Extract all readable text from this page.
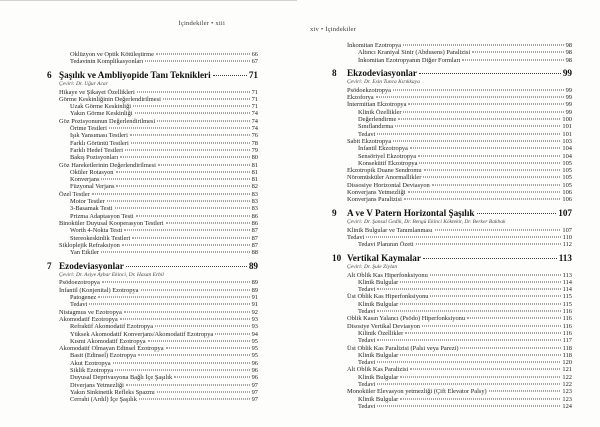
İçindekiler • xiii
Oklüzyon ve Optik Kötüleştirme	66
Tedavinin Komplikasyonları	67
6 Şaşılık ve Ambliyopide Tanı Teknikleri	71
Çeviri: Dr. Uğur Acar
Hikaye ve Şikayet Özellikleri	71
Görme Keskinliğinin Değerlendirilmesi	71
Uzak Görme Keskinliği	71
Yakın Görme Keskinliği	74
Göz Pozisyonunun Değerlendirilmesi	74
Örtme Testleri	74
Işık Yansıması Testleri	76
Farklı Görüntü Testleri	78
Farklı Hedef Testleri	79
Bakış Pozisyonları	80
Göz Hareketlerinin Değerlendirilmesi	81
Oküler Rotasyon	81
Konverjans	81
Füzyonal Verjans	82
Özel Testler	83
Motor Testler	83
3-Basamak Testi	83
Prizma Adaptasyon Testi	86
Binoküler Duyusal Kooperasyon Testleri	86
Worth 4-Nokta Testi	87
Stereokeskinlik Testleri	87
Sikloplejik Refraksiyon	87
Yan Etkiler	88
7 Ezodeviasyonlar	89
Çeviri: Dr. Asiye Aybar Ekinci, Dr. Hasan Erbil
Psödoezotropya	89
İnfantil (Konjenital) Ezotropya	89
Patogenez	91
Tedavi	91
Nistagmus ve Ezotropya	92
Akomodatif Ezotropya	93
Refraktif Akomodatif Ezotropya	93
Yüksek Akomodatif Konverjans/Akomodatif Ezotropya	94
Kısmi Akomodatif Ezotropya	95
Akomodatif Olmayan Edinsel Ezotropya	95
Basit (Edinsel) Ezotropya	95
Akut Ezotropya	96
Siklik Ezotropya	96
Duyusal Deprivasyona Bağlı İçe Şaşılık	96
Diverjans Yetmezliği	97
Yakın Sinkinetik Refleks Spazmı	97
Cerrahi (Ardıl) İçe Şaşılık	97
xiv • İçindekiler
İnkomitan Ezotropya	98
Altıncı Kraniyal Sinir (Abdusens) Paralizisi	98
İnkomitan Ezotropyanın Diğer Formları	98
8 Ekzodeviasyonlar	99
Çeviri: Dr. Esin Tunca Kırıkkaya
Psödoekzotropya	99
Ekzoforya	99
İntermittan Ekzotropya	99
Klinik Özellikler	99
Değerlendirme	100
Sınıflandırma	101
Tedavi	101
Sabit Ekzotropya	103
İnfantil Ekzotropya	104
Sensöriyel Ekzotropya	104
Konsekütif Ekzotropya	105
Ekzotropik Duane Sendromu	105
Nöromüsküler Anormallikler	105
Dissosiye Horizontal Deviasyon	105
Konverjans Yetmezliği	106
Konverjans Paralizisi	106
9 A ve V Patern Horizontal Şaşılık	107
Çeviri: Dr. Şansal Gedik, Dr. Bengü Ekinci Köktekir, Dr. Berker Bakbak
Klinik Bulgular ve Tanımlanması	107
Tedavi	110
Tedavi Planının Özeti	112
10 Vertikal Kaymalar	113
Çeviri: Dr. Şule Ziylan
Alt Oblik Kas Hiperfonksiyonu	113
Klinik Bulgular	114
Tedavi	114
Üst Oblik Kas Hiperfonksiyonu	115
Klinik Bulgular	115
Tedavi	116
Oblik Kasın Yalancı (Psödo) Hiperfonksiyonu	116
Disosiye Vertikal Deviasyon	116
Kilinik Özellikler	116
Tedavi	117
Üst Oblik Kas Paralizisi (Palsi veya Parezi)	118
Klinik Bulgular	118
Tedavi	120
Alt Oblik Kas Paralizisi	121
Klinik Bulgular	122
Tedavi	122
Monoküler Elevasyon yetmezliği (Çift Elevator Palsy)	123
Klinik Bulgular	123
Tedavi	124
